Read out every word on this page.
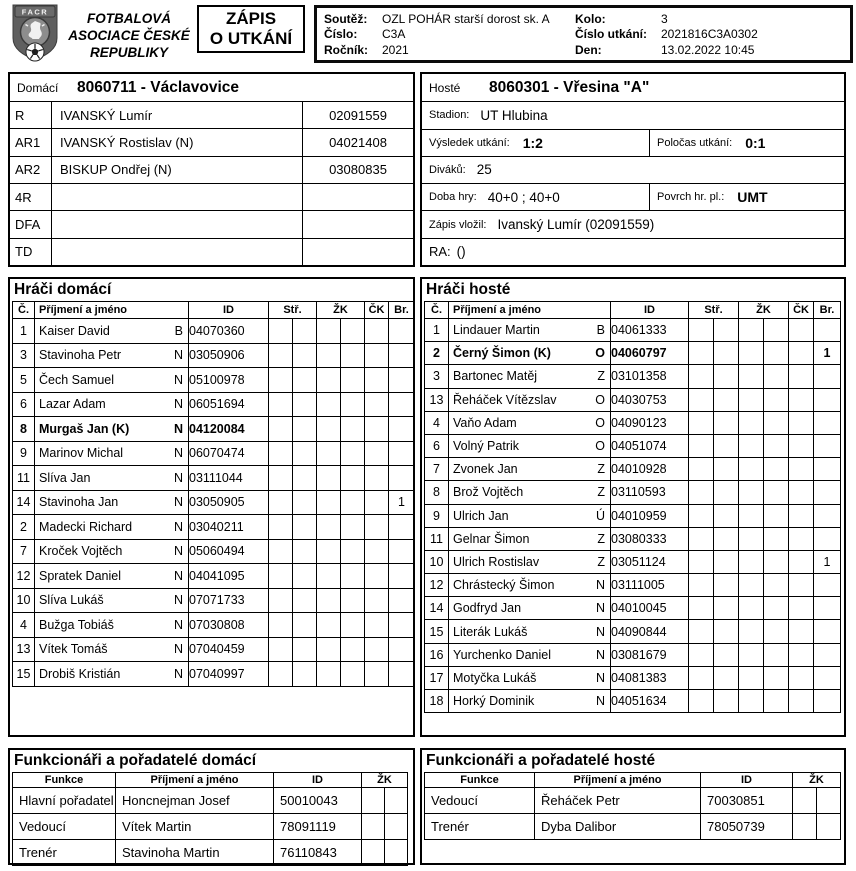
FACR	FOTBALOVÁ
ASOCIACE ČESKÉ
REPUBLIKY
ZÁPIS
O UTKÁNÍ
Soutěž:	OZL POHÁR starší dorost sk. A
Číslo:	C3A
Ročník:	2021
Kolo:	3
Číslo utkání:	2021816C3A0302
Den:	13.02.2022 10:45
Domácí	8060711 - Václavovice
R	IVANSKÝ Lumír	02091559
AR1	IVANSKÝ Rostislav (N)	04021408
AR2	BISKUP Ondřej (N)	03080835
4R
DFA
TD
Hosté	8060301 - Vřesina "A"
Stadion: UT Hlubina
Výsledek utkání: 1:2	Poločas utkání: 0:1
Diváků: 25
Doba hry: 40+0 ; 40+0	Povrch hr. pl.: UMT
Zápis vložil: Ivanský Lumír (02091559)
RA: ()
Hráči domácí
Č.	Příjmení a jméno	ID	Stř.		ŽK		ČK	Br.
1	Kaiser David B	04070360						
3	Stavinoha Petr N	03050906						
5	Čech Samuel N	05100978						
6	Lazar Adam N	06051694						
8	Murgaš Jan (K) N	04120084						
9	Marinov Michal N	06070474						
11	Slíva Jan N	03111044						
14	Stavinoha Jan N	03050905						1
2	Madecki Richard N	03040211						
7	Kroček Vojtěch N	05060494						
12	Spratek Daniel N	04041095						
10	Slíva Lukáš N	07071733						
4	Bužga Tobiáš N	07030808						
13	Vítek Tomáš N	07040459						
15	Drobiš Kristián N	07040997						
Hráči hosté
Č.	Příjmení a jméno	ID	Stř.		ŽK		ČK	Br.
1	Lindauer Martin B	04061333						
2	Černý Šimon (K) O	04060797						1
3	Bartonec Matěj Z	03101358						
13	Řeháček Vítězslav O	04030753						
4	Vaňo Adam O	04090123						
6	Volný Patrik O	04051074						
7	Zvonek Jan Z	04010928						
8	Brož Vojtěch Z	03110593						
9	Ulrich Jan Ú	04010959						
11	Gelnar Šimon Z	03080333						
10	Ulrich Rostislav Z	03051124						1
12	Chrástecký Šimon N	03111005						
14	Godfryd Jan N	04010045						
15	Literák Lukáš N	04090844						
16	Yurchenko Daniel N	03081679						
17	Motyčka Lukáš N	04081383						
18	Horký Dominik N	04051634						
Funkcionáři a pořadatelé domácí
Funkce	Příjmení a jméno	ID	ŽK	
Hlavní pořadatel	Honcnejman Josef	50010043		
Vedoucí	Vítek Martin	78091119		
Trenér	Stavinoha Martin	76110843		
Funkcionáři a pořadatelé hosté
Funkce	Příjmení a jméno	ID	ŽK	
Vedoucí	Řeháček Petr	70030851		
Trenér	Dyba Dalibor	78050739		
